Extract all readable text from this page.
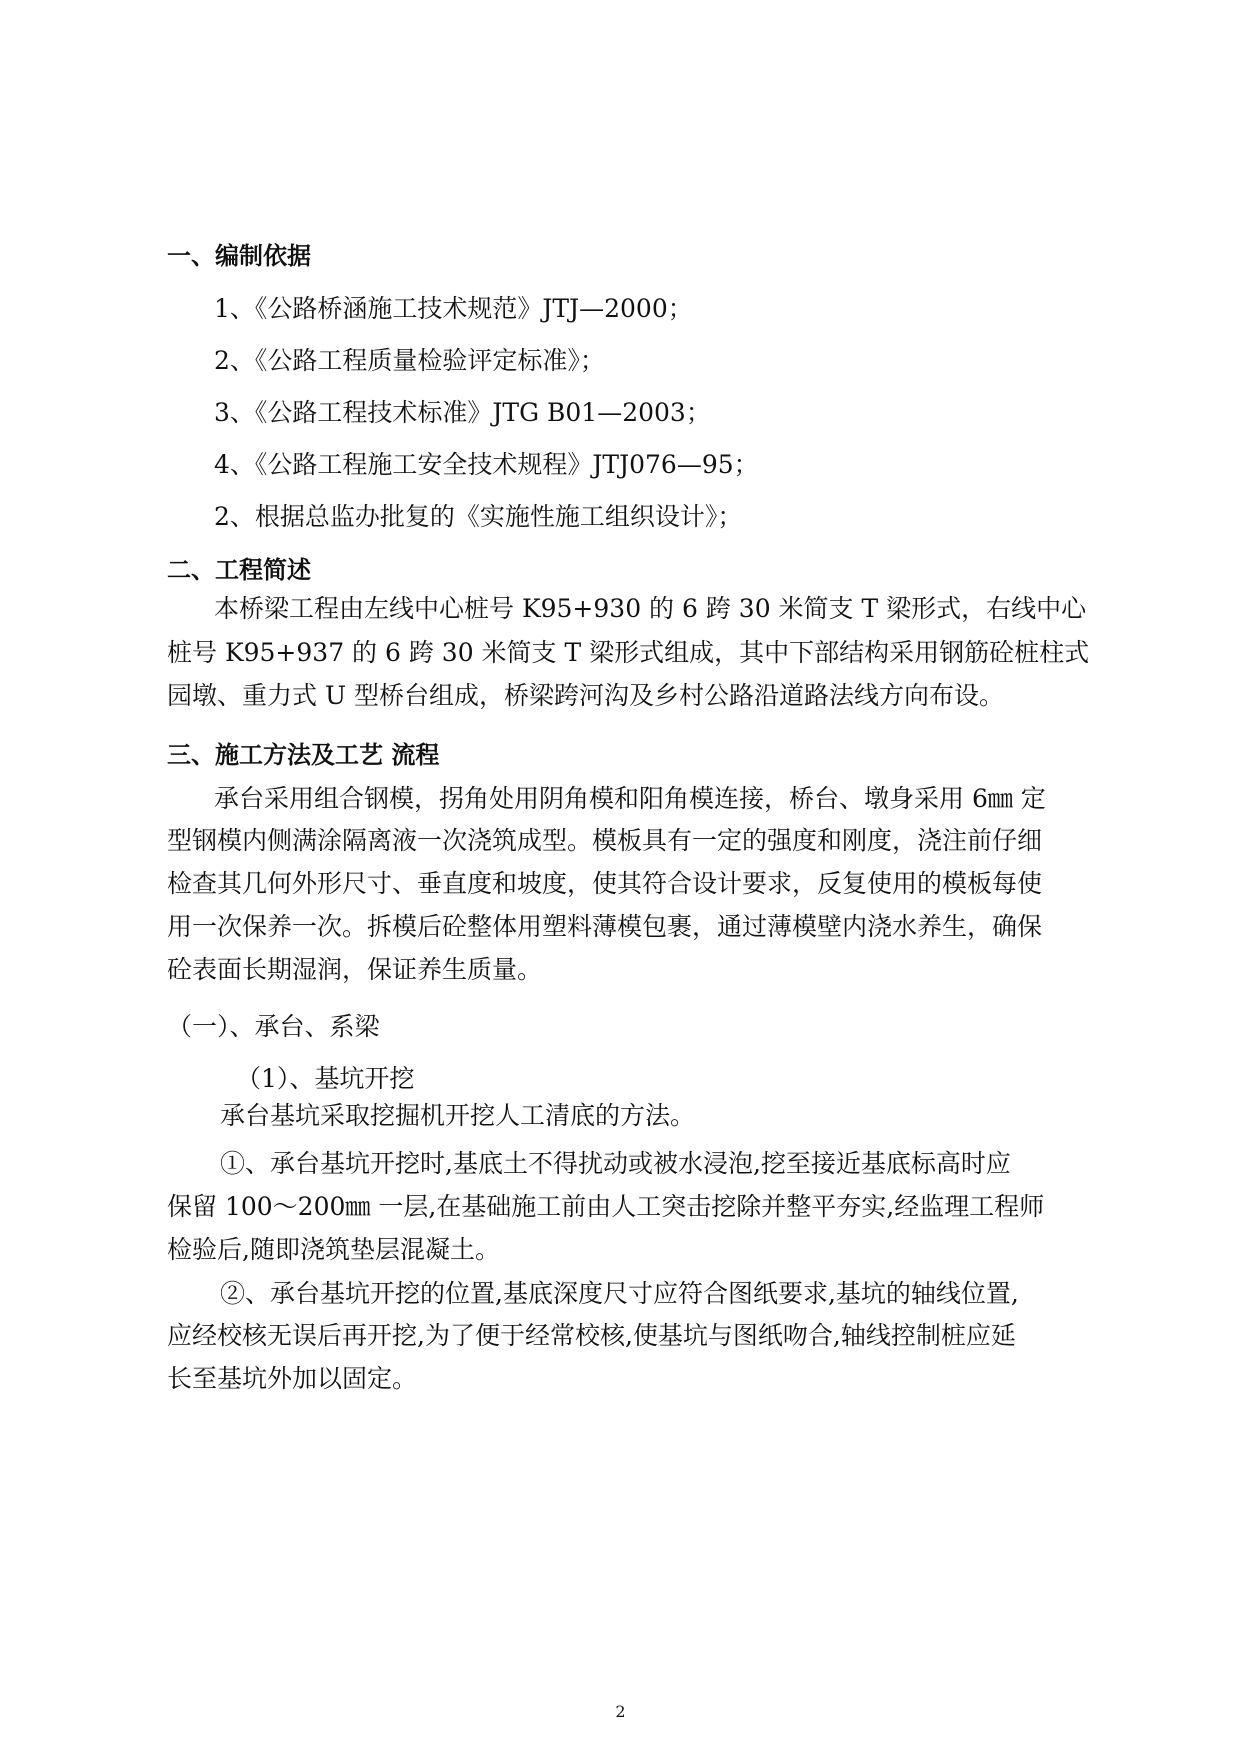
一、编制依据
1、《公路桥涵施工技术规范》JTJ—2000；
2、《公路工程质量检验评定标准》；
3、《公路工程技术标准》JTG B01—2003；
4、《公路工程施工安全技术规程》JTJ076—95；
2、根据总监办批复的《实施性施工组织设计》；
二、工程简述
本桥梁工程由左线中心桩号 K95+930 的 6 跨 30 米简支 T 梁形式，右线中心
桩号 K95+937 的 6 跨 30 米简支 T 梁形式组成，其中下部结构采用钢筋砼桩柱式
园墩、重力式 U 型桥台组成，桥梁跨河沟及乡村公路沿道路法线方向布设。
三、施工方法及工艺 流程
承台采用组合钢模，拐角处用阴角模和阳角模连接，桥台、墩身采用 6㎜ 定
型钢模内侧满涂隔离液一次浇筑成型。模板具有一定的强度和刚度，浇注前仔细
检查其几何外形尺寸、垂直度和坡度，使其符合设计要求，反复使用的模板每使
用一次保养一次。拆模后砼整体用塑料薄模包裹，通过薄模壁内浇水养生，确保
砼表面长期湿润，保证养生质量。
（一）、承台、系梁
（1）、基坑开挖
承台基坑采取挖掘机开挖人工清底的方法。
①、承台基坑开挖时,基底土不得扰动或被水浸泡,挖至接近基底标高时应
保留 100～200㎜ 一层,在基础施工前由人工突击挖除并整平夯实,经监理工程师
检验后,随即浇筑垫层混凝土。
②、承台基坑开挖的位置,基底深度尺寸应符合图纸要求,基坑的轴线位置,
应经校核无误后再开挖,为了便于经常校核,使基坑与图纸吻合,轴线控制桩应延
长至基坑外加以固定。
2
